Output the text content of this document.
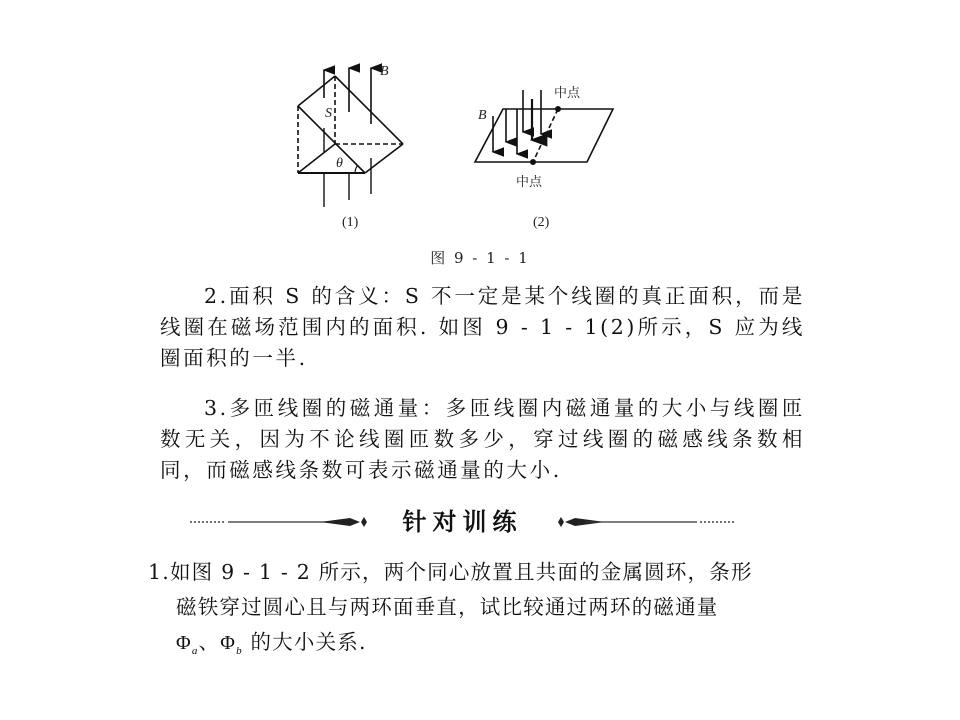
B
S
θ
(1)
B
中点
中点
(2)
图 9 - 1 - 1
2.面积 S 的含义：S 不一定是某个线圈的真正面积，而是线圈在磁场范围内的面积. 如图 9 - 1 - 1(2)所示，S 应为线圈面积的一半.
3.多匝线圈的磁通量：多匝线圈内磁通量的大小与线圈匝数无关，因为不论线圈匝数多少，穿过线圈的磁感线条数相同，而磁感线条数可表示磁通量的大小.
针对训练
1.如图 9 - 1 - 2 所示，两个同心放置且共面的金属圆环，条形
磁铁穿过圆心且与两环面垂直，试比较通过两环的磁通量
$\Phi_a$、$\Phi_b$ 的大小关系.
